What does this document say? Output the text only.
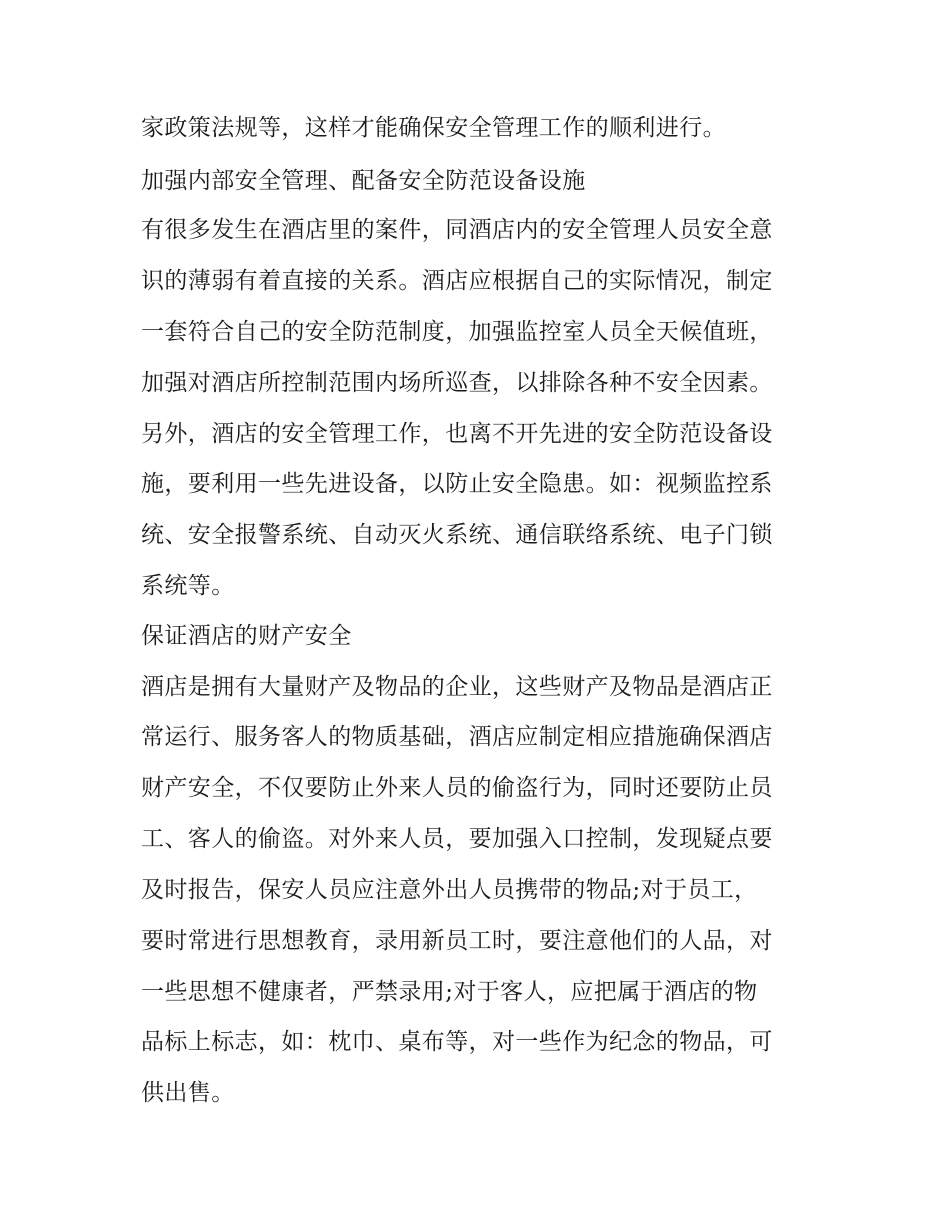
家政策法规等，这样才能确保安全管理工作的顺利进行。
加强内部安全管理、配备安全防范设备设施
有很多发生在酒店里的案件，同酒店内的安全管理人员安全意
识的薄弱有着直接的关系。酒店应根据自己的实际情况，制定
一套符合自己的安全防范制度，加强监控室人员全天候值班，
加强对酒店所控制范围内场所巡查，以排除各种不安全因素。
另外，酒店的安全管理工作，也离不开先进的安全防范设备设
施，要利用一些先进设备，以防止安全隐患。如：视频监控系
统、安全报警系统、自动灭火系统、通信联络系统、电子门锁
系统等。
保证酒店的财产安全
酒店是拥有大量财产及物品的企业，这些财产及物品是酒店正
常运行、服务客人的物质基础，酒店应制定相应措施确保酒店
财产安全，不仅要防止外来人员的偷盗行为，同时还要防止员
工、客人的偷盗。对外来人员，要加强入口控制，发现疑点要
及时报告，保安人员应注意外出人员携带的物品;对于员工，
要时常进行思想教育，录用新员工时，要注意他们的人品，对
一些思想不健康者，严禁录用;对于客人，应把属于酒店的物
品标上标志，如：枕巾、桌布等，对一些作为纪念的物品，可
供出售。
